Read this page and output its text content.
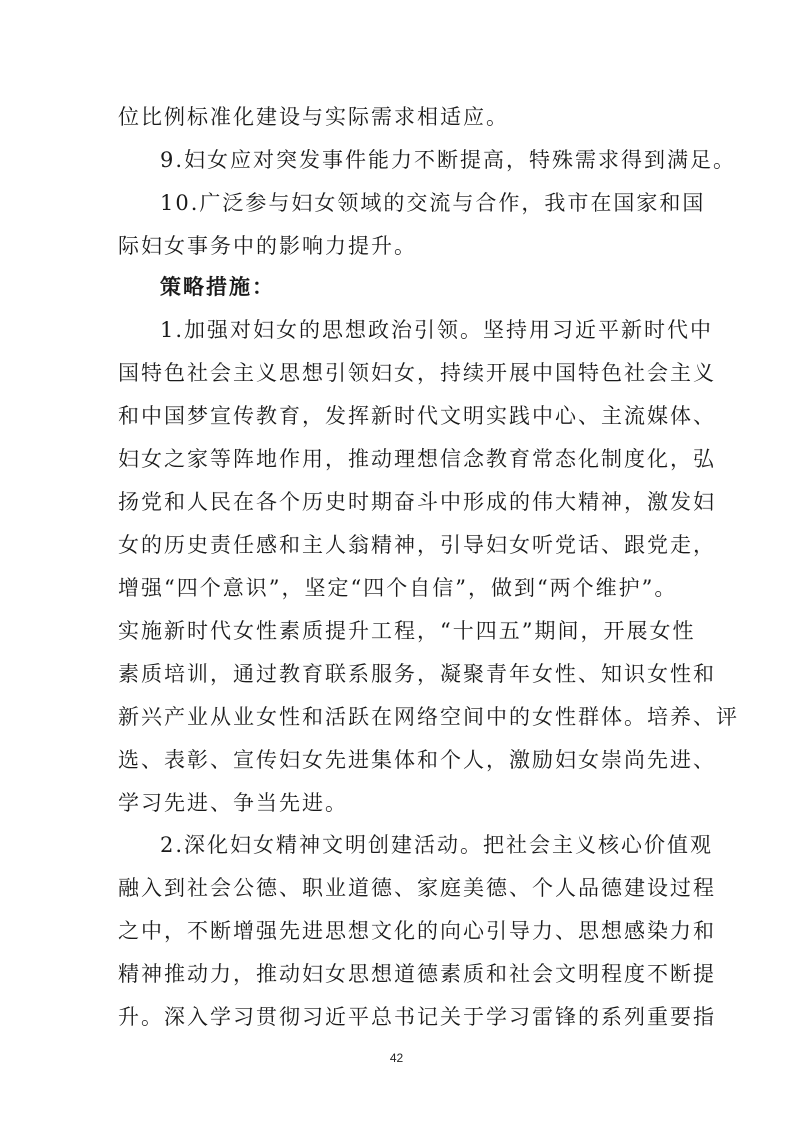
位比例标准化建设与实际需求相适应。
9.妇女应对突发事件能力不断提高，特殊需求得到满足。
10.广泛参与妇女领域的交流与合作，我市在国家和国
际妇女事务中的影响力提升。
策略措施：
1.加强对妇女的思想政治引领。坚持用习近平新时代中
国特色社会主义思想引领妇女，持续开展中国特色社会主义
和中国梦宣传教育，发挥新时代文明实践中心、主流媒体、
妇女之家等阵地作用，推动理想信念教育常态化制度化，弘
扬党和人民在各个历史时期奋斗中形成的伟大精神，激发妇
女的历史责任感和主人翁精神，引导妇女听党话、跟党走，
增强“四个意识”，坚定“四个自信”，做到“两个维护”。
实施新时代女性素质提升工程，“十四五”期间，开展女性
素质培训，通过教育联系服务，凝聚青年女性、知识女性和
新兴产业从业女性和活跃在网络空间中的女性群体。培养、评
选、表彰、宣传妇女先进集体和个人，激励妇女崇尚先进、
学习先进、争当先进。
2.深化妇女精神文明创建活动。把社会主义核心价值观
融入到社会公德、职业道德、家庭美德、个人品德建设过程
之中，不断增强先进思想文化的向心引导力、思想感染力和
精神推动力，推动妇女思想道德素质和社会文明程度不断提
升。深入学习贯彻习近平总书记关于学习雷锋的系列重要指
42
